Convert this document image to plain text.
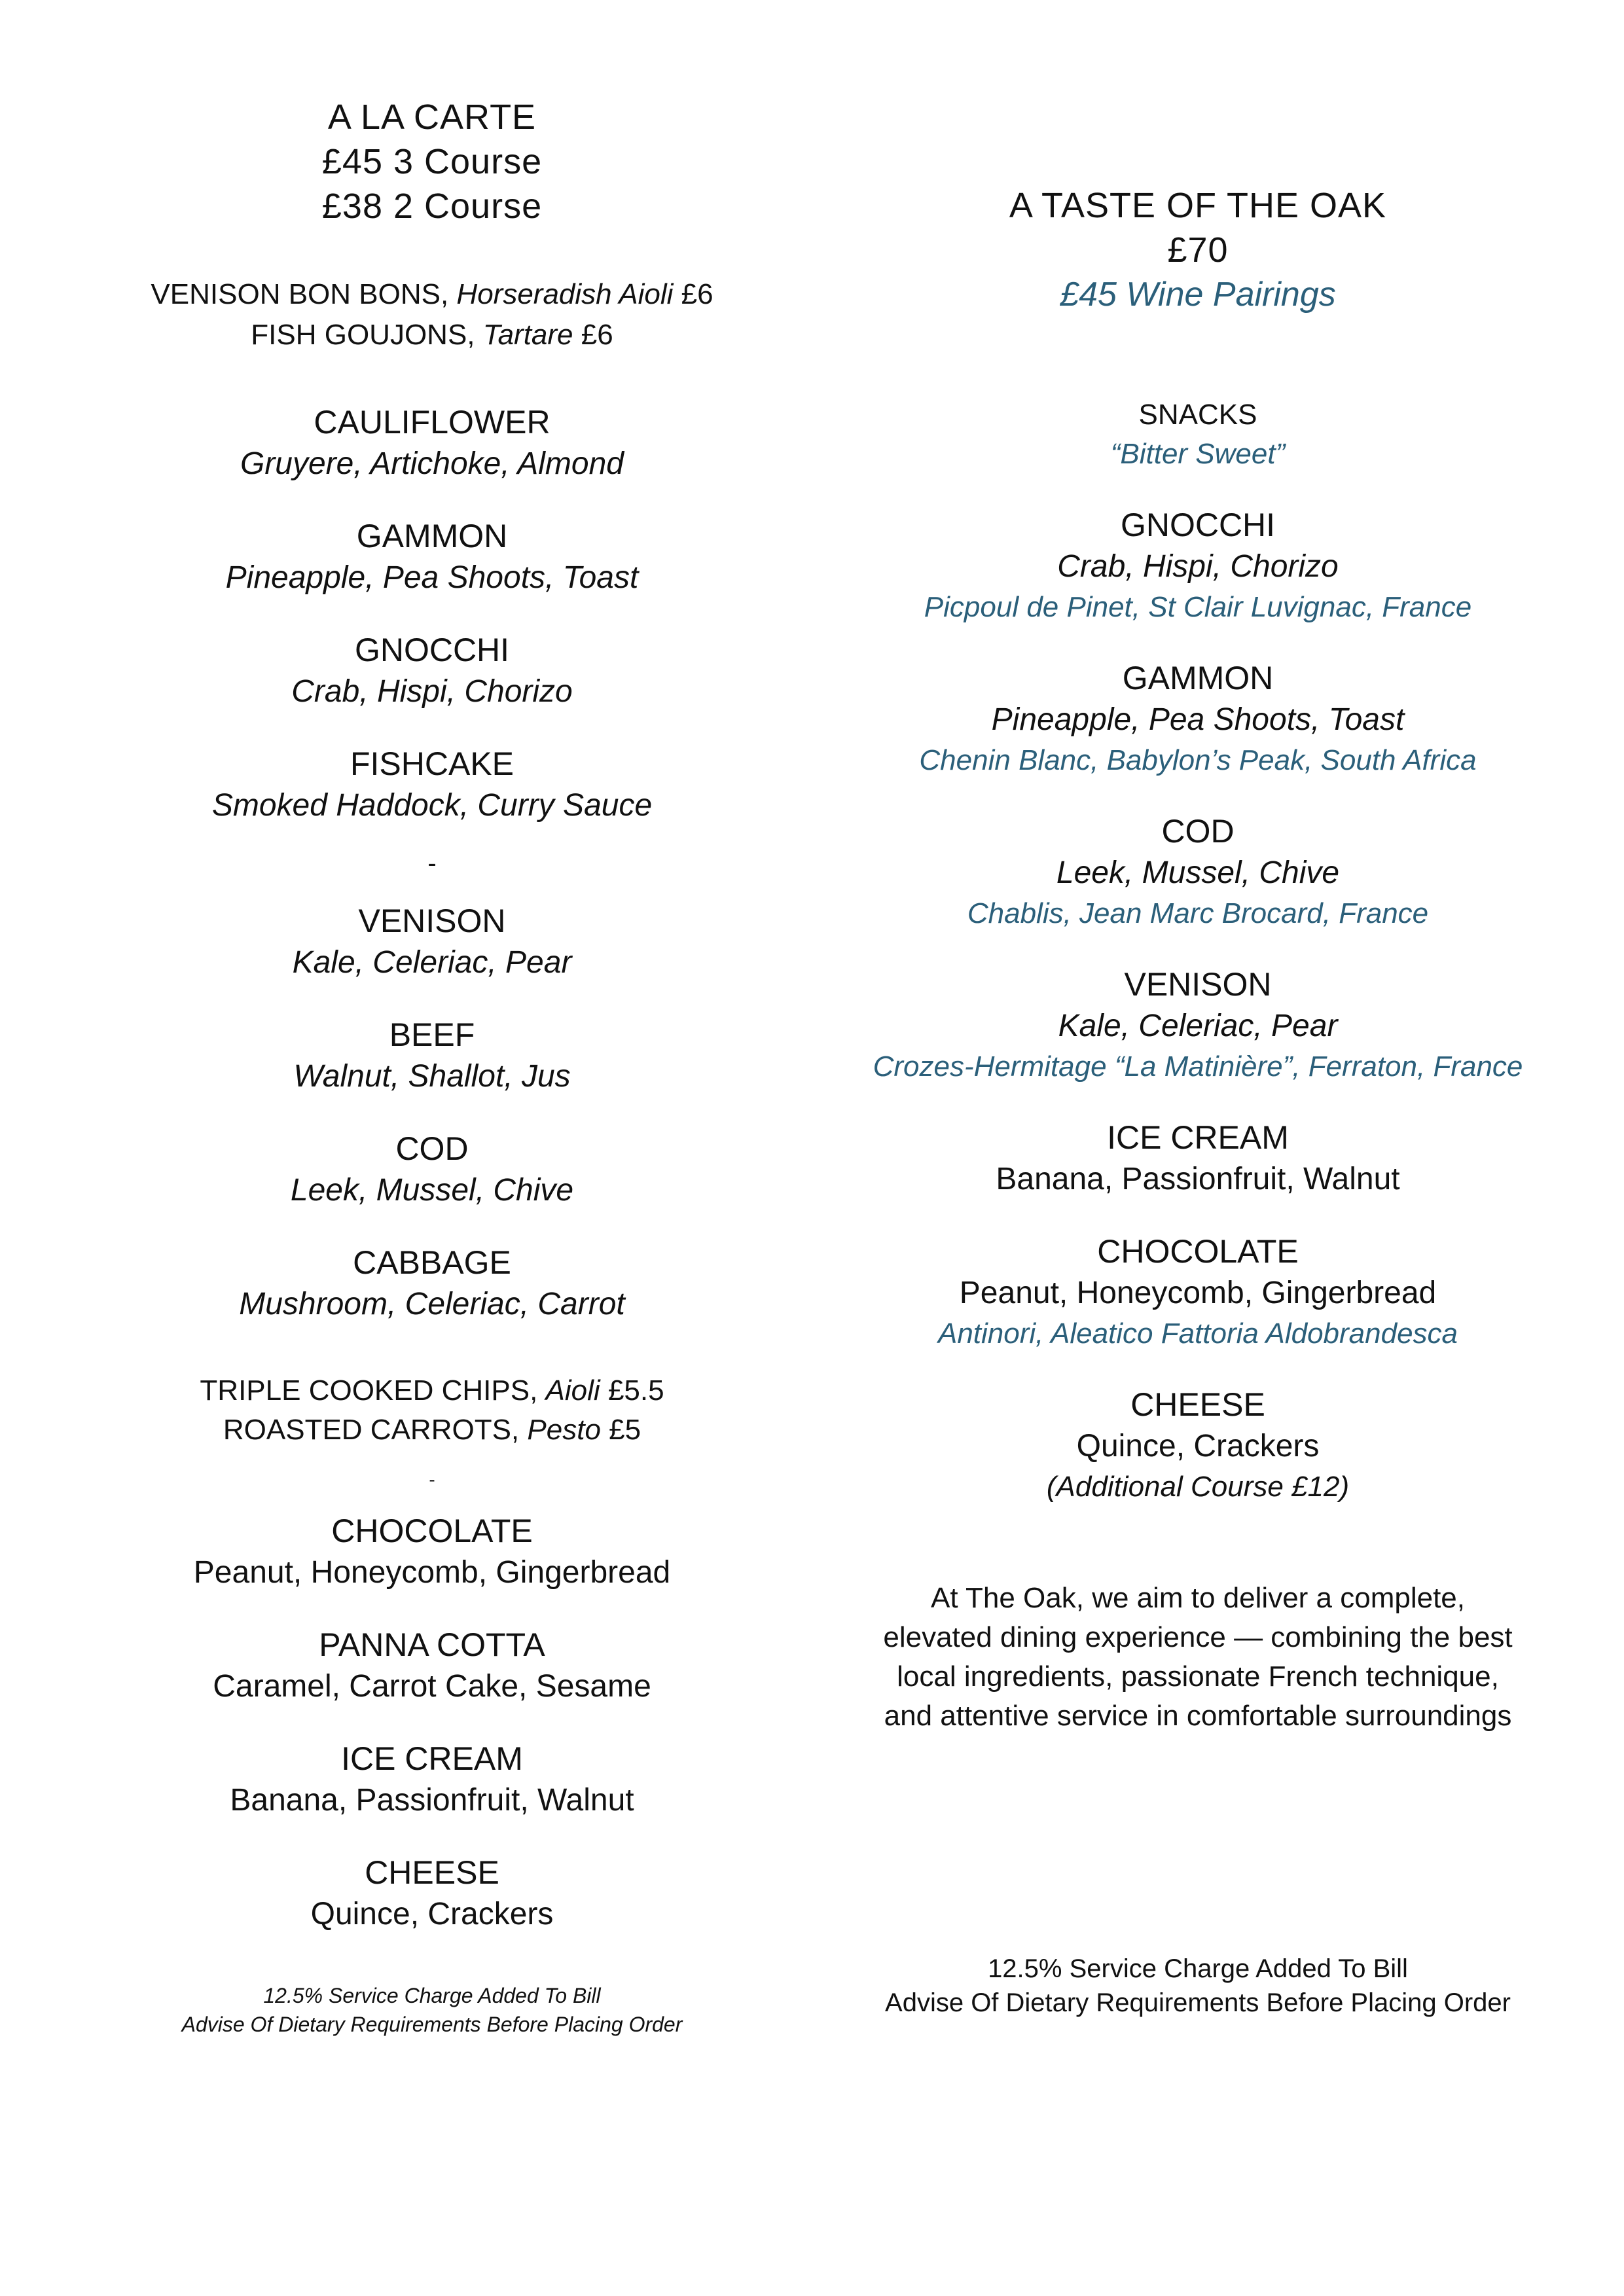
A LA CARTE
£45 3 Course
£38 2 Course
VENISON BON BONS, Horseradish Aioli £6
FISH GOUJONS, Tartare £6
CAULIFLOWER
Gruyere, Artichoke, Almond
GAMMON
Pineapple, Pea Shoots, Toast
GNOCCHI
Crab, Hispi, Chorizo
FISHCAKE
Smoked Haddock, Curry Sauce
-
VENISON
Kale, Celeriac, Pear
BEEF
Walnut, Shallot, Jus
COD
Leek, Mussel, Chive
CABBAGE
Mushroom, Celeriac, Carrot
TRIPLE COOKED CHIPS, Aioli £5.5
ROASTED CARROTS, Pesto £5
-
CHOCOLATE
Peanut, Honeycomb, Gingerbread
PANNA COTTA
Caramel, Carrot Cake, Sesame
ICE CREAM
Banana, Passionfruit, Walnut
CHEESE
Quince, Crackers
12.5% Service Charge Added To Bill
Advise Of Dietary Requirements Before Placing Order
A TASTE OF THE OAK
£70
£45 Wine Pairings
SNACKS
“Bitter Sweet”
GNOCCHI
Crab, Hispi, Chorizo
Picpoul de Pinet, St Clair Luvignac, France
GAMMON
Pineapple, Pea Shoots, Toast
Chenin Blanc, Babylon’s Peak, South Africa
COD
Leek, Mussel, Chive
Chablis, Jean Marc Brocard, France
VENISON
Kale, Celeriac, Pear
Crozes-Hermitage “La Matinière”, Ferraton, France
ICE CREAM
Banana, Passionfruit, Walnut
CHOCOLATE
Peanut, Honeycomb, Gingerbread
Antinori, Aleatico Fattoria Aldobrandesca
CHEESE
Quince, Crackers
(Additional Course £12)
At The Oak, we aim to deliver a complete,
elevated dining experience — combining the best
local ingredients, passionate French technique,
and attentive service in comfortable surroundings
12.5% Service Charge Added To Bill
Advise Of Dietary Requirements Before Placing Order
